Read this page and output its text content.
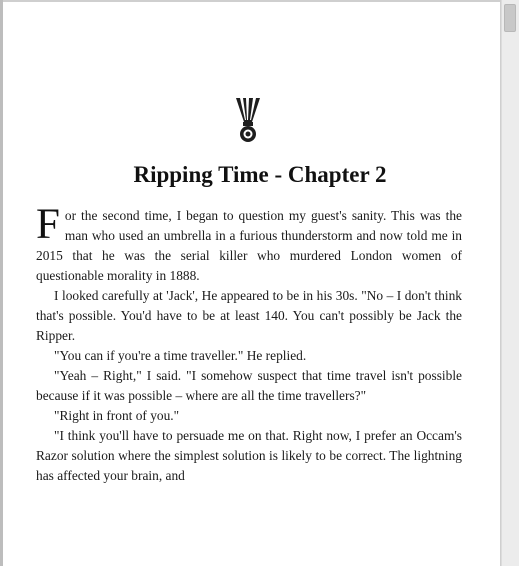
Ripping Time - Chapter 2

For the second time, I began to question my guest's sanity. This was the man who used an umbrella in a furious thunderstorm and now told me in 2015 that he was the serial killer who murdered London women of questionable morality in 1888.

I looked carefully at 'Jack', He appeared to be in his 30s. "No – I don't think that's possible. You'd have to be at least 140. You can't possibly be Jack the Ripper.

"You can if you're a time traveller." He replied.

"Yeah – Right," I said. "I somehow suspect that time travel isn't possible because if it was possible – where are all the time travellers?"

"Right in front of you."

"I think you'll have to persuade me on that. Right now, I prefer an Occam's Razor solution where the simplest solution is likely to be correct. The lightning has affected your brain, and
